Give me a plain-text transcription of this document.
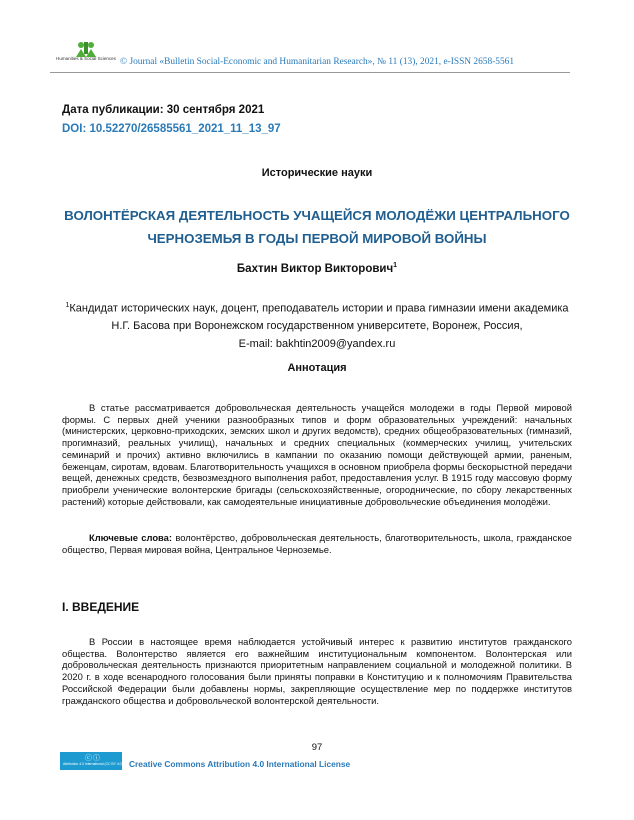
Humanities & Social Sciences © Journal «Bulletin Social-Economic and Humanitarian Research», № 11 (13), 2021, e-ISSN 2658-5561
Дата публикации: 30 сентября 2021
DOI: 10.52270/26585561_2021_11_13_97
Исторические науки
ВОЛОНТЁРСКАЯ ДЕЯТЕЛЬНОСТЬ УЧАЩЕЙСЯ МОЛОДЁЖИ ЦЕНТРАЛЬНОГО ЧЕРНОЗЕМЬЯ В ГОДЫ ПЕРВОЙ МИРОВОЙ ВОЙНЫ
Бахтин Виктор Викторович$^1$
$^1$Кандидат исторических наук, доцент, преподаватель истории и права гимназии имени академика Н.Г. Басова при Воронежском государственном университете, Воронеж, Россия,
E-mail: bakhtin2009@yandex.ru
Аннотация
В статье рассматривается добровольческая деятельность учащейся молодежи в годы Первой мировой формы. С первых дней ученики разнообразных типов и форм образовательных учреждений: начальных (министерских, церковно-приходских, земских школ и других ведомств), средних общеобразовательных (гимназий, прогимназий, реальных училищ), начальных и средних специальных (коммерческих училищ, учительских семинарий и прочих) активно включились в кампании по оказанию помощи действующей армии, раненым, беженцам, сиротам, вдовам. Благотворительность учащихся в основном приобрела формы бескорыстной передачи вещей, денежных средств, безвозмездного выполнения работ, предоставления услуг. В 1915 году массовую форму приобрели ученические волонтерские бригады (сельскохозяйственные, огороднические, по сбору лекарственных растений) которые действовали, как самодеятельные инициативные добровольческие объединения молодёжи.
Ключевые слова: волонтёрство, добровольческая деятельность, благотворительность, школа, гражданское общество, Первая мировая война, Центральное Черноземье.
I. ВВЕДЕНИЕ
В России в настоящее время наблюдается устойчивый интерес к развитию институтов гражданского общества. Волонтерство является его важнейшим институциональным компонентом. Волонтерская или добровольческая деятельность признаются приоритетным направлением социальной и молодежной политики. В 2020 г. в ходе всенародного голосования были приняты поправки в Конституцию и к полномочиям Правительства Российской Федерации были добавлены нормы, закрепляющие осуществление мер по поддержке институтов гражданского общества и добровольческой волонтерской деятельности.
97
ⓒⓘ
Attribution 4.0 International (CC BY 4.0) Creative Commons Attribution 4.0 International License
